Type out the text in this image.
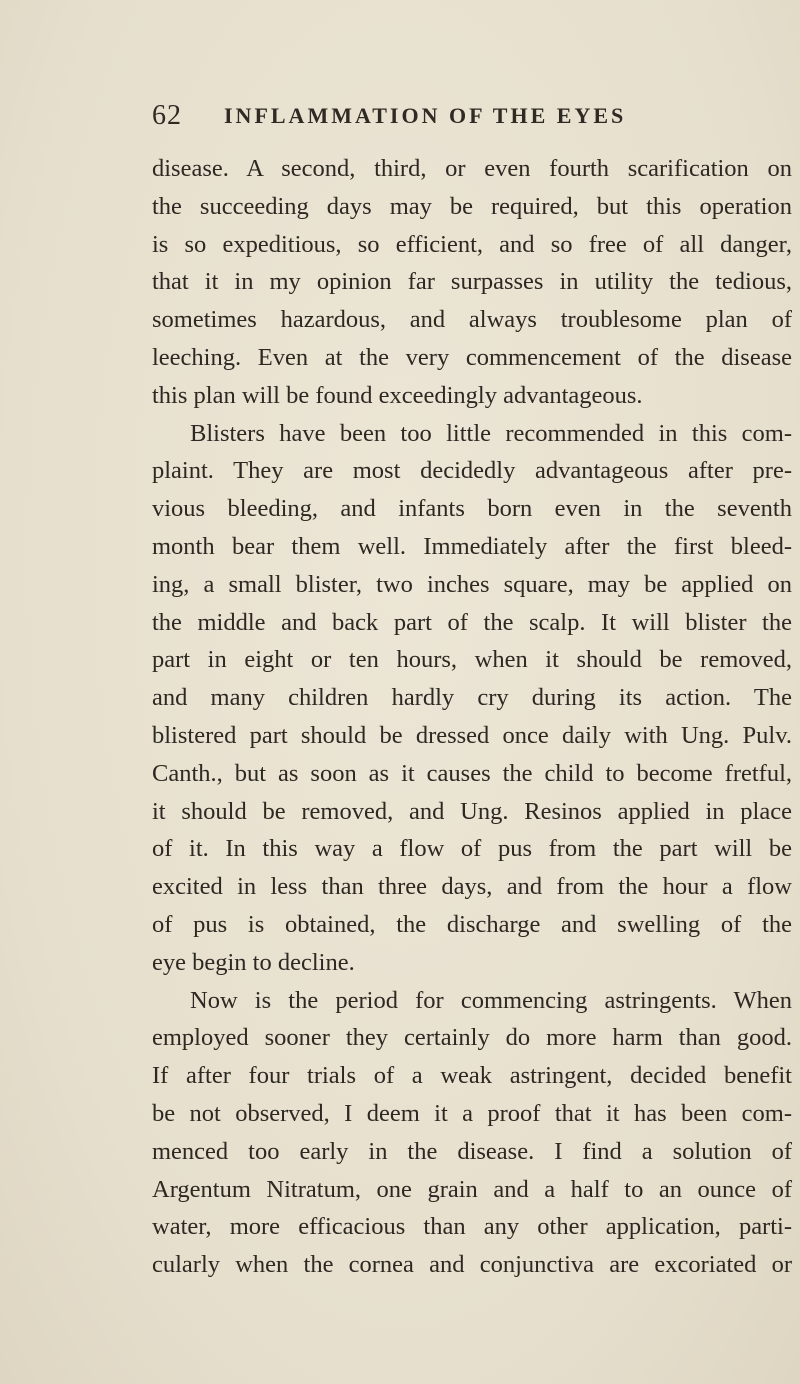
62 INFLAMMATION OF THE EYES
disease. A second, third, or even fourth scarification on
the succeeding days may be required, but this operation
is so expeditious, so efficient, and so free of all danger,
that it in my opinion far surpasses in utility the tedious,
sometimes hazardous, and always troublesome plan of
leeching. Even at the very commencement of the disease
this plan will be found exceedingly advantageous.
Blisters have been too little recommended in this com-
plaint. They are most decidedly advantageous after pre-
vious bleeding, and infants born even in the seventh
month bear them well. Immediately after the first bleed-
ing, a small blister, two inches square, may be applied on
the middle and back part of the scalp. It will blister the
part in eight or ten hours, when it should be removed,
and many children hardly cry during its action. The
blistered part should be dressed once daily with Ung. Pulv.
Canth., but as soon as it causes the child to become fretful,
it should be removed, and Ung. Resinos applied in place
of it. In this way a flow of pus from the part will be
excited in less than three days, and from the hour a flow
of pus is obtained, the discharge and swelling of the
eye begin to decline.
Now is the period for commencing astringents. When
employed sooner they certainly do more harm than good.
If after four trials of a weak astringent, decided benefit
be not observed, I deem it a proof that it has been com-
menced too early in the disease. I find a solution of
Argentum Nitratum, one grain and a half to an ounce of
water, more efficacious than any other application, parti-
cularly when the cornea and conjunctiva are excoriated or
